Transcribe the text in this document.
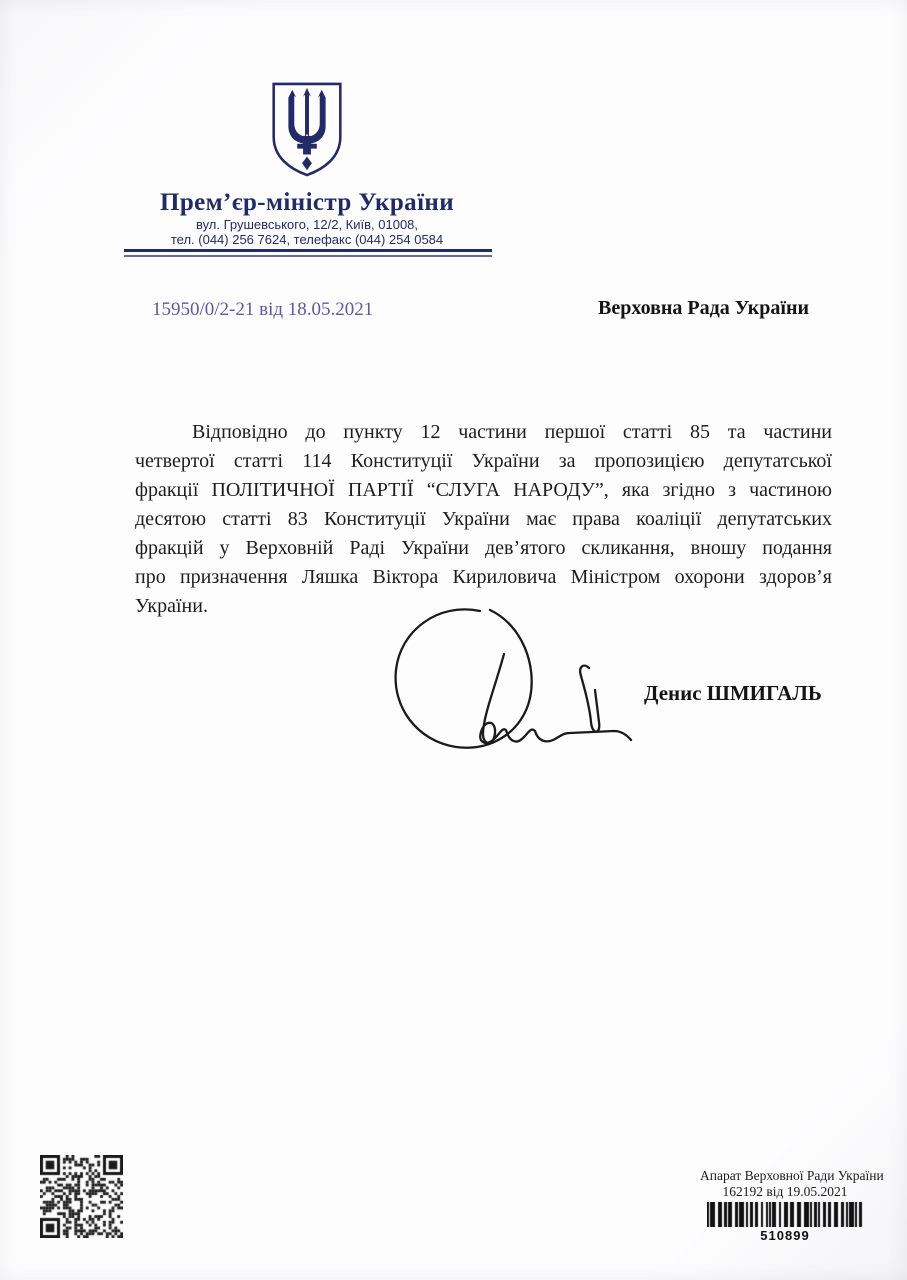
Прем’єр-міністр України
вул. Грушевського, 12/2, Київ, 01008,
тел. (044) 256 7624, телефакс (044) 254 0584
15950/0/2-21 від 18.05.2021	Верховна Рада України
Відповідно до пункту 12 частини першої статті 85 та частини
четвертої статті 114 Конституції України за пропозицією депутатської
фракції ПОЛІТИЧНОЇ ПАРТІЇ “СЛУГА НАРОДУ”, яка згідно з частиною
десятою статті 83 Конституції України має права коаліції депутатських
фракцій у Верховній Раді України дев’ятого скликання, вношу подання
про призначення Ляшка Віктора Кириловича Міністром охорони здоров’я
України.
Денис ШМИГАЛЬ
Апарат Верховної Ради України
162192 від 19.05.2021
510899
